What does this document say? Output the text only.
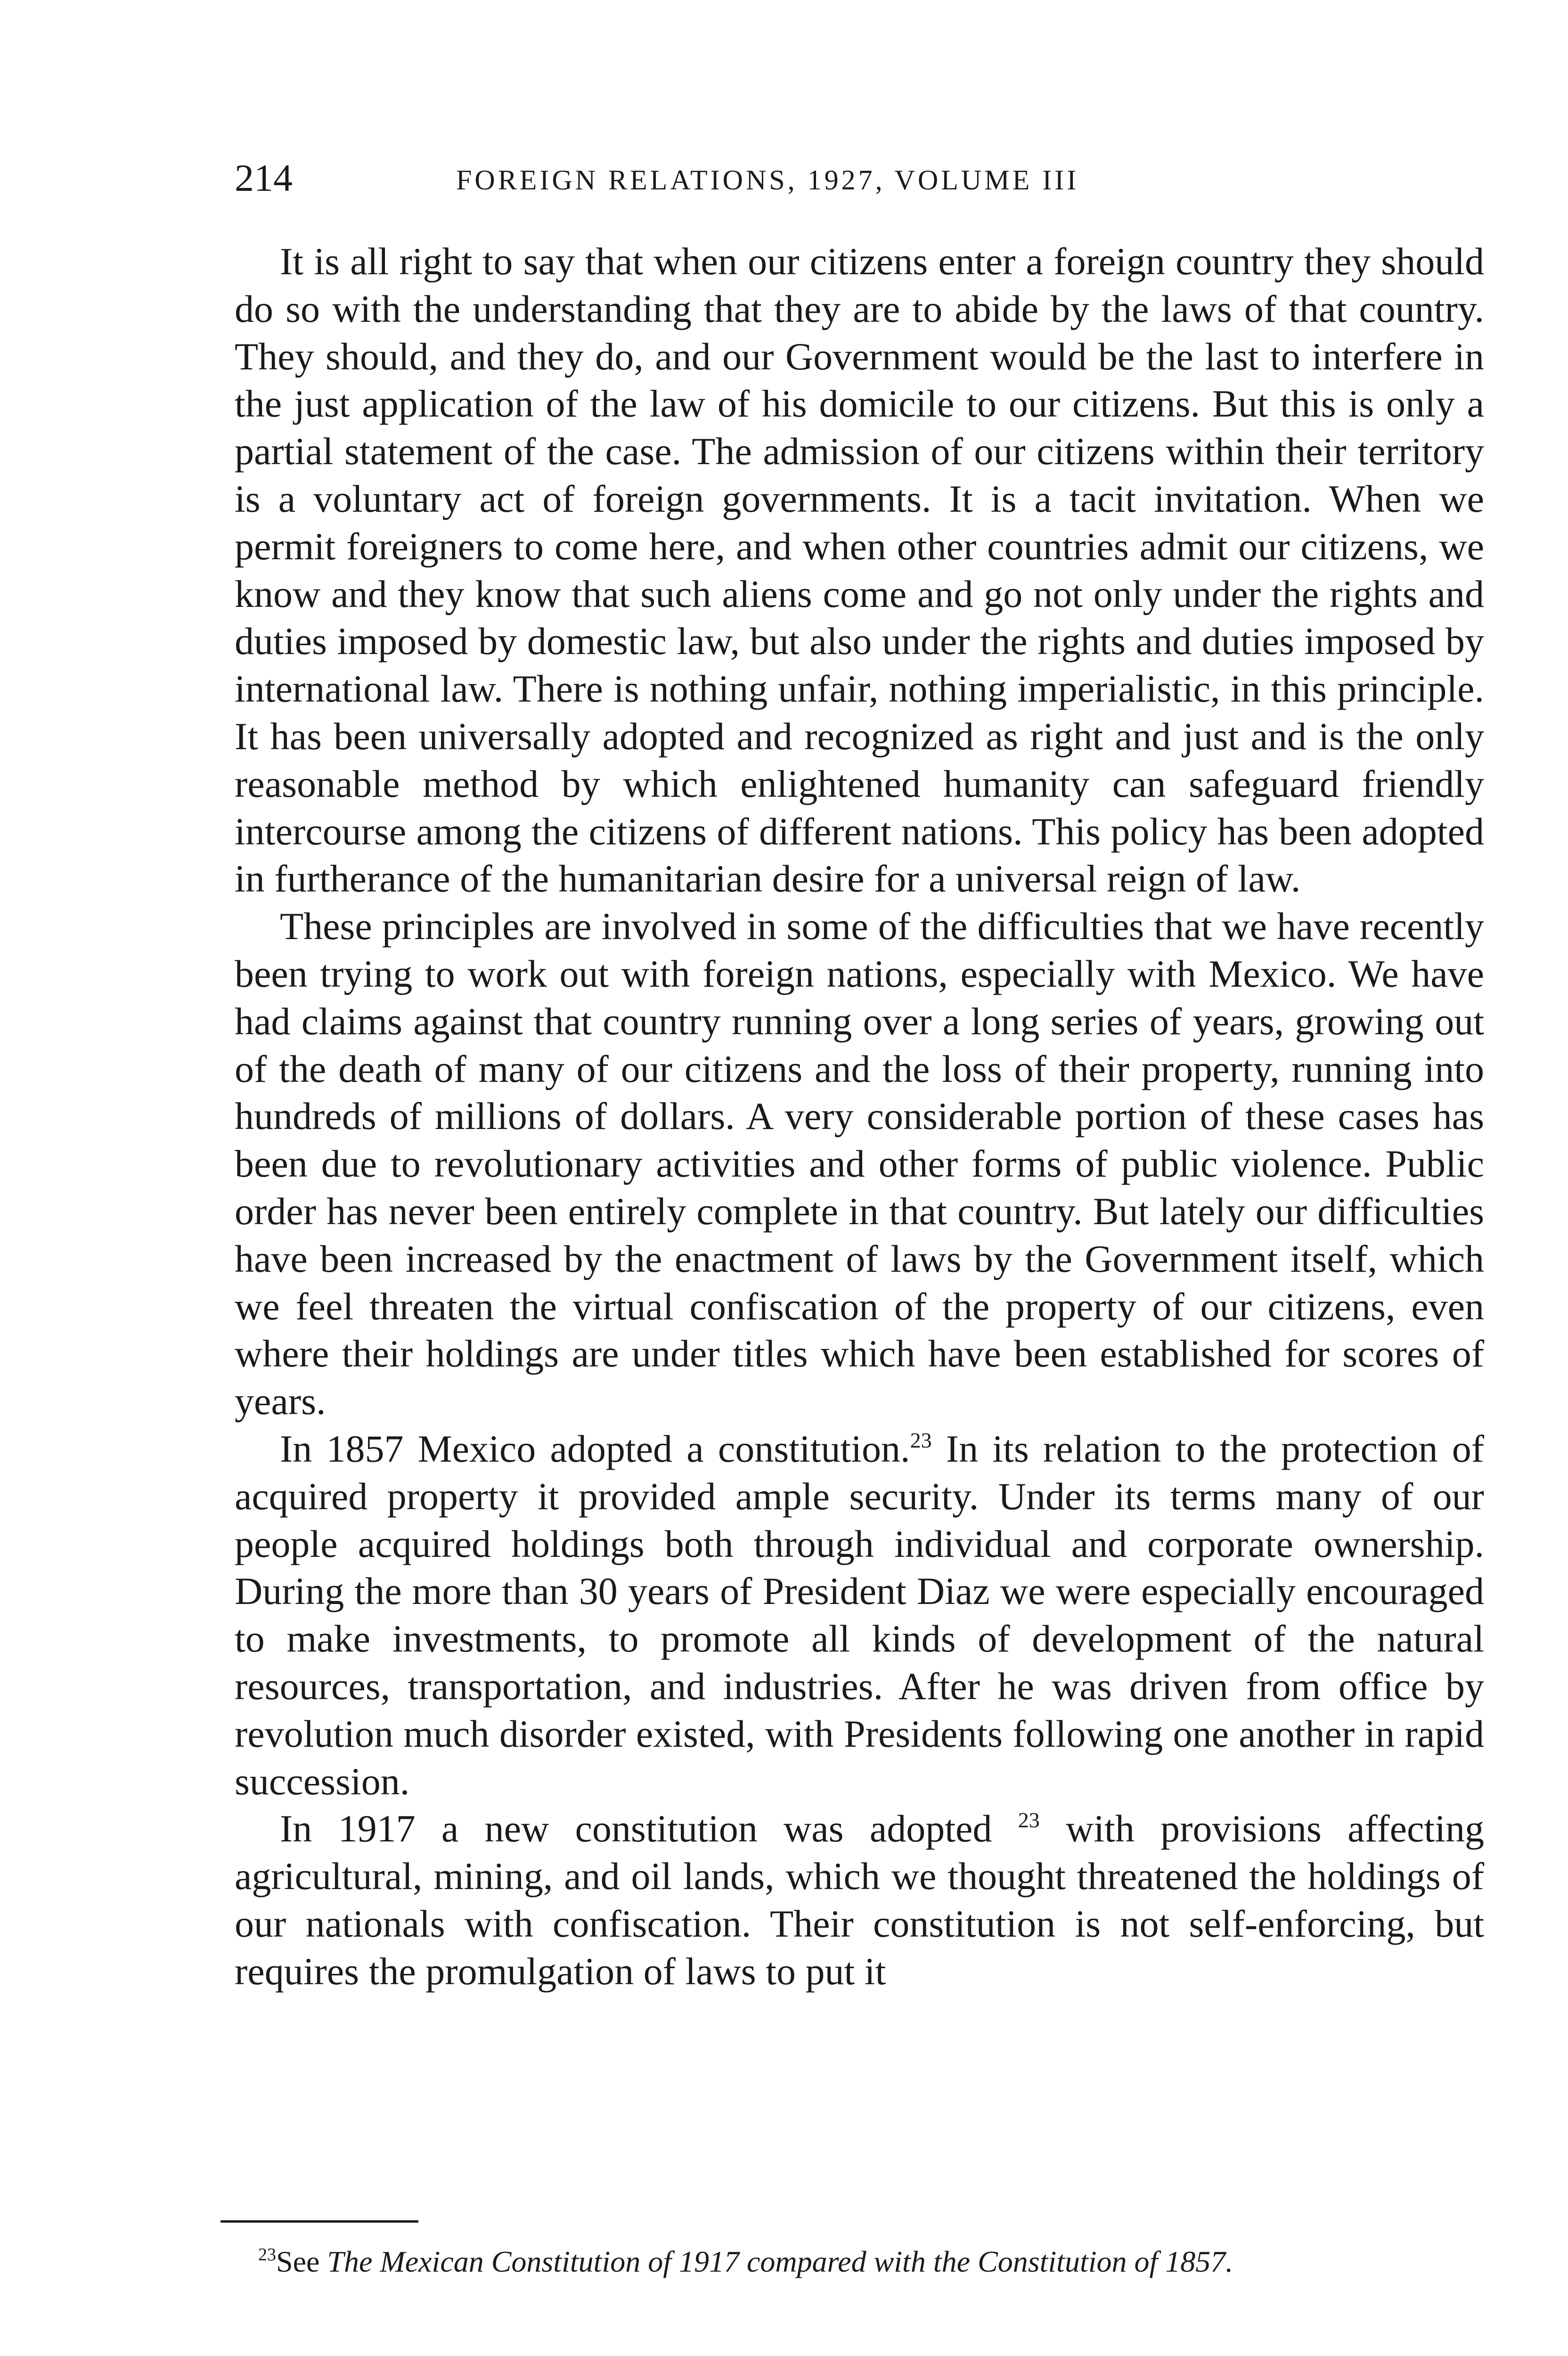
214	FOREIGN RELATIONS, 1927, VOLUME III

It is all right to say that when our citizens enter a foreign country they should do so with the understanding that they are to abide by the laws of that country. They should, and they do, and our Government would be the last to interfere in the just application of the law of his domicile to our citizens. But this is only a partial statement of the case. The admission of our citizens within their territory is a voluntary act of foreign governments. It is a tacit invitation. When we permit foreigners to come here, and when other countries admit our citizens, we know and they know that such aliens come and go not only under the rights and duties imposed by domestic law, but also under the rights and duties imposed by international law. There is nothing unfair, nothing imperialistic, in this principle. It has been universally adopted and recognized as right and just and is the only reasonable method by which enlightened humanity can safeguard friendly intercourse among the citizens of different nations. This policy has been adopted in furtherance of the humanitarian desire for a universal reign of law.

These principles are involved in some of the difficulties that we have recently been trying to work out with foreign nations, especially with Mexico. We have had claims against that country running over a long series of years, growing out of the death of many of our citizens and the loss of their property, running into hundreds of millions of dollars. A very considerable portion of these cases has been due to revolutionary activities and other forms of public violence. Public order has never been entirely complete in that country. But lately our difficulties have been increased by the enactment of laws by the Government itself, which we feel threaten the virtual confiscation of the property of our citizens, even where their holdings are under titles which have been established for scores of years.

In 1857 Mexico adopted a constitution.$^{23}$ In its relation to the protection of acquired property it provided ample security. Under its terms many of our people acquired holdings both through individual and corporate ownership. During the more than 30 years of President Diaz we were especially encouraged to make investments, to promote all kinds of development of the natural resources, transportation, and industries. After he was driven from office by revolution much disorder existed, with Presidents following one another in rapid succession.

In 1917 a new constitution was adopted $^{23}$ with provisions affecting agricultural, mining, and oil lands, which we thought threatened the holdings of our nationals with confiscation. Their constitution is not self-enforcing, but requires the promulgation of laws to put it

$^{23}$See The Mexican Constitution of 1917 compared with the Constitution of 1857.
